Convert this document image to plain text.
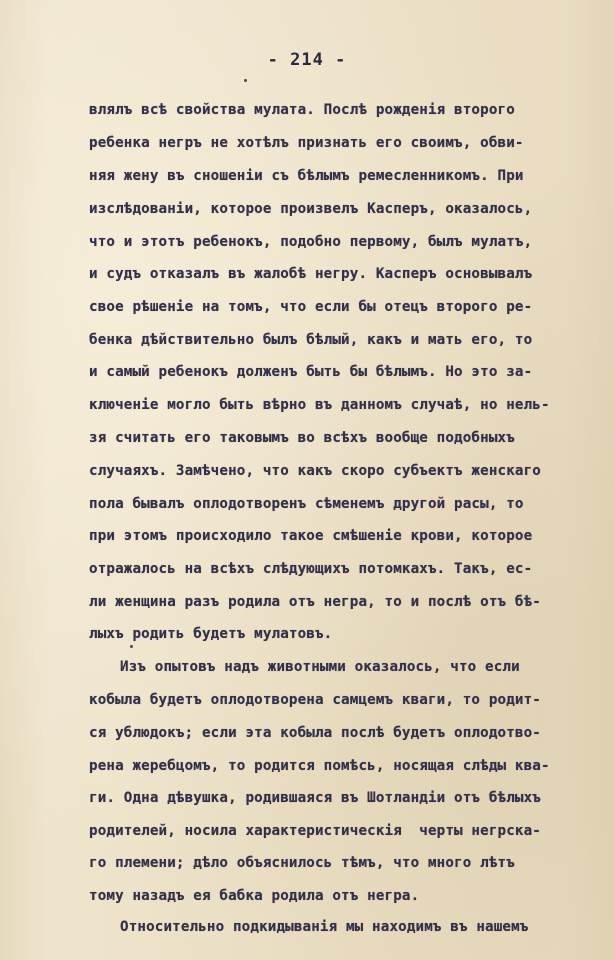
- 214 -
влялъ всѣ свойства мулата. Послѣ рожденія второго
ребенка негръ не хотѣлъ признать его своимъ, обви-
няя жену въ сношеніи съ бѣлымъ ремесленникомъ. При
изслѣдованіи, которое произвелъ Касперъ, оказалось,
что и этотъ ребенокъ, подобно первому, былъ мулатъ,
и судъ отказалъ въ жалобѣ негру. Касперъ основывалъ
свое рѣшеніе на томъ, что если бы отецъ второго ре-
бенка дѣйствительно былъ бѣлый, какъ и мать его, то
и самый ребенокъ долженъ быть бы бѣлымъ. Но это за-
ключеніе могло быть вѣрно въ данномъ случаѣ, но нель-
зя считать его таковымъ во всѣхъ вообще подобныхъ
случаяхъ. Замѣчено, что какъ скоро субъектъ женскаго
пола бывалъ оплодотворенъ сѣменемъ другой расы, то
при этомъ происходило такое смѣшеніе крови, которое
отражалось на всѣхъ слѣдующихъ потомкахъ. Такъ, ес-
ли женщина разъ родила отъ негра, то и послѣ отъ бѣ-
лыхъ родить будетъ мулатовъ.
Изъ опытовъ надъ животными оказалось, что если
кобыла будетъ оплодотворена самцемъ кваги, то родит-
ся ублюдокъ; если эта кобыла послѣ будетъ оплодотво-
рена жеребцомъ, то родится помѣсь, носящая слѣды ква-
ги. Одна дѣвушка, родившаяся въ Шотландіи отъ бѣлыхъ
родителей, носила характеристическія  черты негрска-
го племени; дѣло объяснилось тѣмъ, что много лѣтъ
тому назадъ ея бабка родила отъ негра.
Относительно подкидыванія мы находимъ въ нашемъ
